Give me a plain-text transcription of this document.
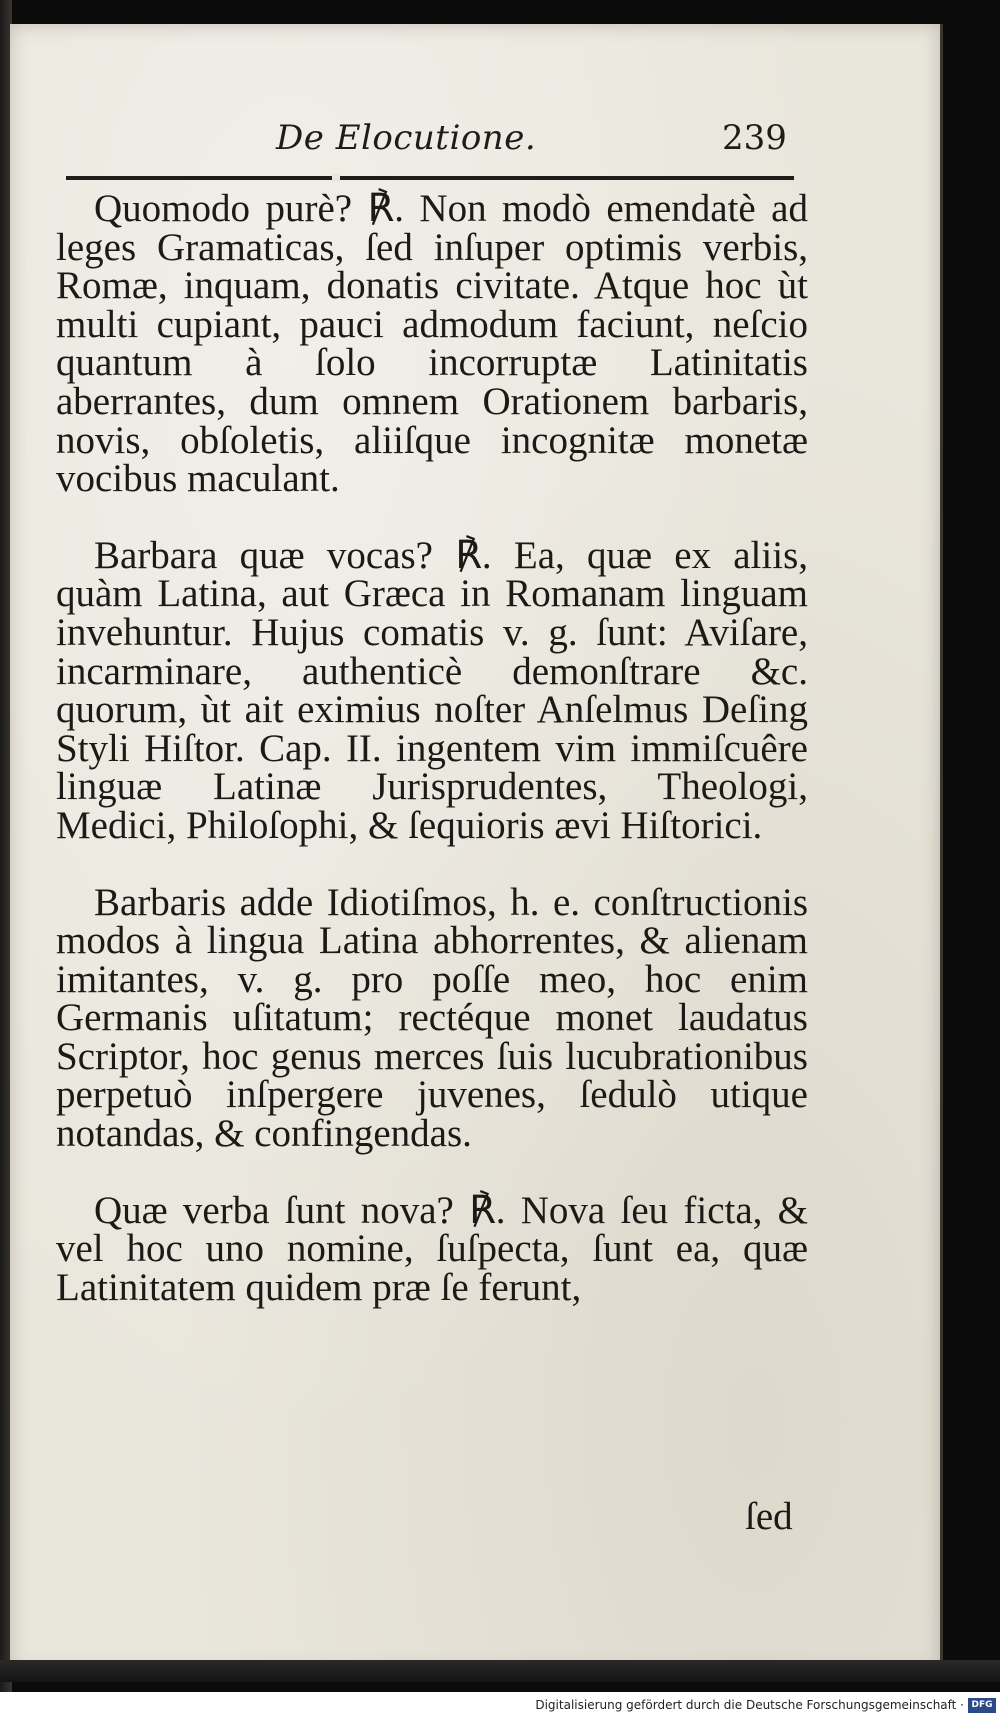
De Elocutione.	239

Quomodo purè? ℟. Non modò emendatè ad leges Gramaticas, ſed inſuper optimis verbis, Romæ, inquam, donatis civitate. Atque hoc ùt multi cupiant, pauci admodum faciunt, neſcio quantum à ſolo incorruptæ Latinitatis aberrantes, dum omnem Orationem barbaris, novis, obſoletis, aliiſque incognitæ monetæ vocibus maculant.

Barbara quæ vocas? ℟. Ea, quæ ex aliis, quàm Latina, aut Græca in Romanam linguam invehuntur. Hujus comatis v. g. ſunt: Aviſare, incarminare, authenticè demonſtrare &c. quorum, ùt ait eximius noſter Anſelmus Deſing Styli Hiſtor. Cap. II. ingentem vim immiſcuêre linguæ Latinæ Jurisprudentes, Theologi, Medici, Philoſophi, & ſequioris ævi Hiſtorici.

Barbaris adde Idiotiſmos, h. e. conſtructionis modos à lingua Latina abhorrentes, & alienam imitantes, v. g. pro poſſe meo, hoc enim Germanis uſitatum; rectéque monet laudatus Scriptor, hoc genus merces ſuis lucubrationibus perpetuò inſpergere juvenes, ſedulò utique notandas, & confingendas.

Quæ verba ſunt nova? ℟. Nova ſeu ficta, & vel hoc uno nomine, ſuſpecta, ſunt ea, quæ Latinitatem quidem præ ſe ferunt,

ſed
Digitalisierung gefördert durch die Deutsche Forschungsgemeinschaft · DFG
